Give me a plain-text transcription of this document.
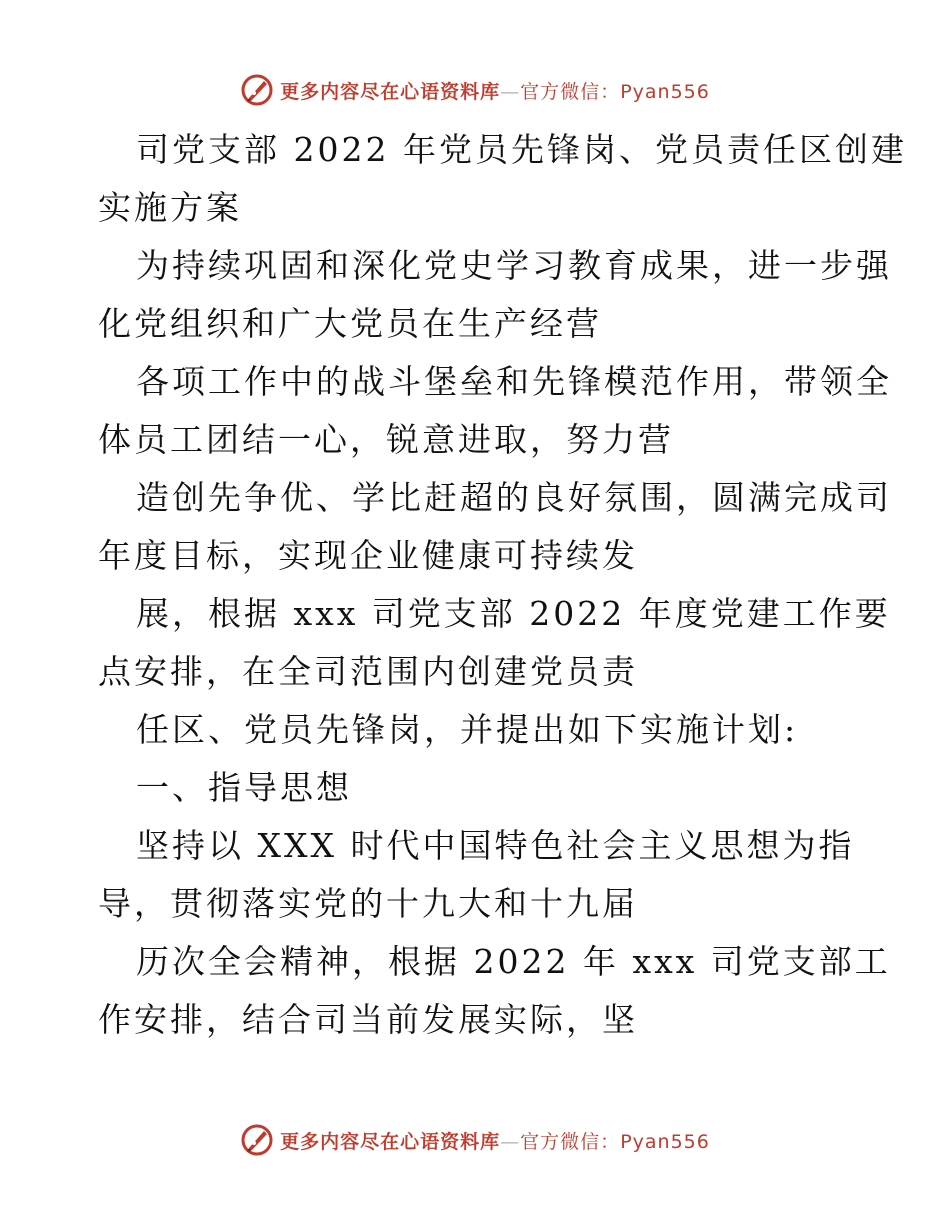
更多内容尽在心语资料库—官方微信：Pyan556
司党支部 2022 年党员先锋岗、党员责任区创建
实施方案
为持续巩固和深化党史学习教育成果，进一步强
化党组织和广大党员在生产经营
各项工作中的战斗堡垒和先锋模范作用，带领全
体员工团结一心，锐意进取，努力营
造创先争优、学比赶超的良好氛围，圆满完成司
年度目标，实现企业健康可持续发
展，根据 xxx 司党支部 2022 年度党建工作要
点安排，在全司范围内创建党员责
任区、党员先锋岗，并提出如下实施计划:
一、指导思想
坚持以 XXX 时代中国特色社会主义思想为指
导，贯彻落实党的十九大和十九届
历次全会精神，根据 2022 年 xxx 司党支部工
作安排，结合司当前发展实际，坚
更多内容尽在心语资料库—官方微信：Pyan556
